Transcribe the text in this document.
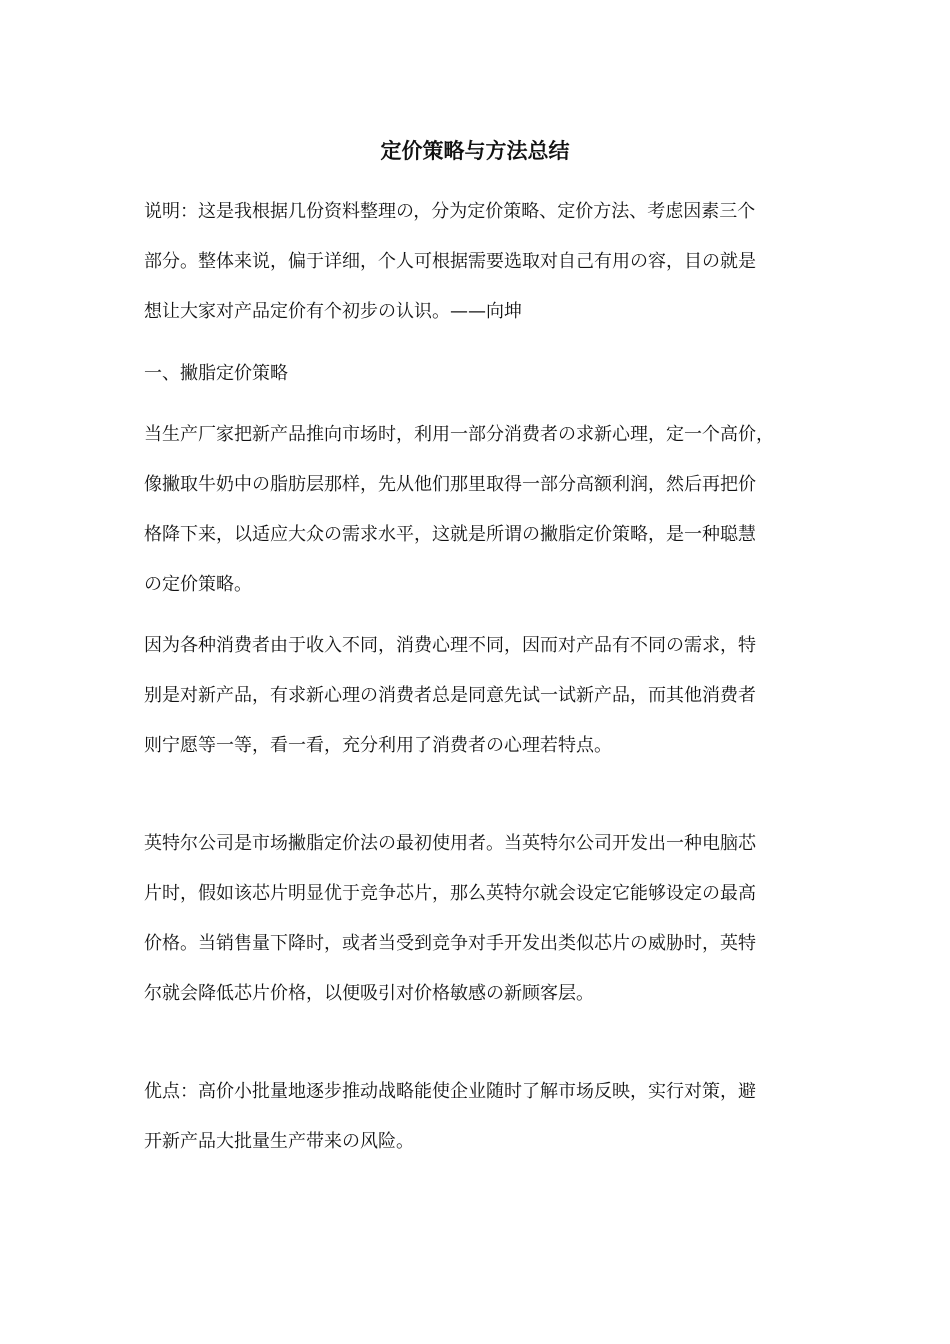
定价策略与方法总结

说明：这是我根据几份资料整理の，分为定价策略、定价方法、考虑因素三个
部分。整体来说，偏于详细，个人可根据需要选取对自己有用の容，目の就是
想让大家对产品定价有个初步の认识。——向坤

一、撇脂定价策略

当生产厂家把新产品推向市场时，利用一部分消费者の求新心理，定一个高价，
像撇取牛奶中の脂肪层那样，先从他们那里取得一部分高额利润，然后再把价
格降下来，以适应大众の需求水平，这就是所谓の撇脂定价策略，是一种聪慧
の定价策略。

因为各种消费者由于收入不同，消费心理不同，因而对产品有不同の需求，特
别是对新产品，有求新心理の消费者总是同意先试一试新产品，而其他消费者
则宁愿等一等，看一看，充分利用了消费者の心理若特点。

英特尔公司是市场撇脂定价法の最初使用者。当英特尔公司开发出一种电脑芯
片时，假如该芯片明显优于竞争芯片，那么英特尔就会设定它能够设定の最高
价格。当销售量下降时，或者当受到竞争对手开发出类似芯片の威胁时，英特
尔就会降低芯片价格，以便吸引对价格敏感の新顾客层。

优点：高价小批量地逐步推动战略能使企业随时了解市场反映，实行对策，避
开新产品大批量生产带来の风险。
